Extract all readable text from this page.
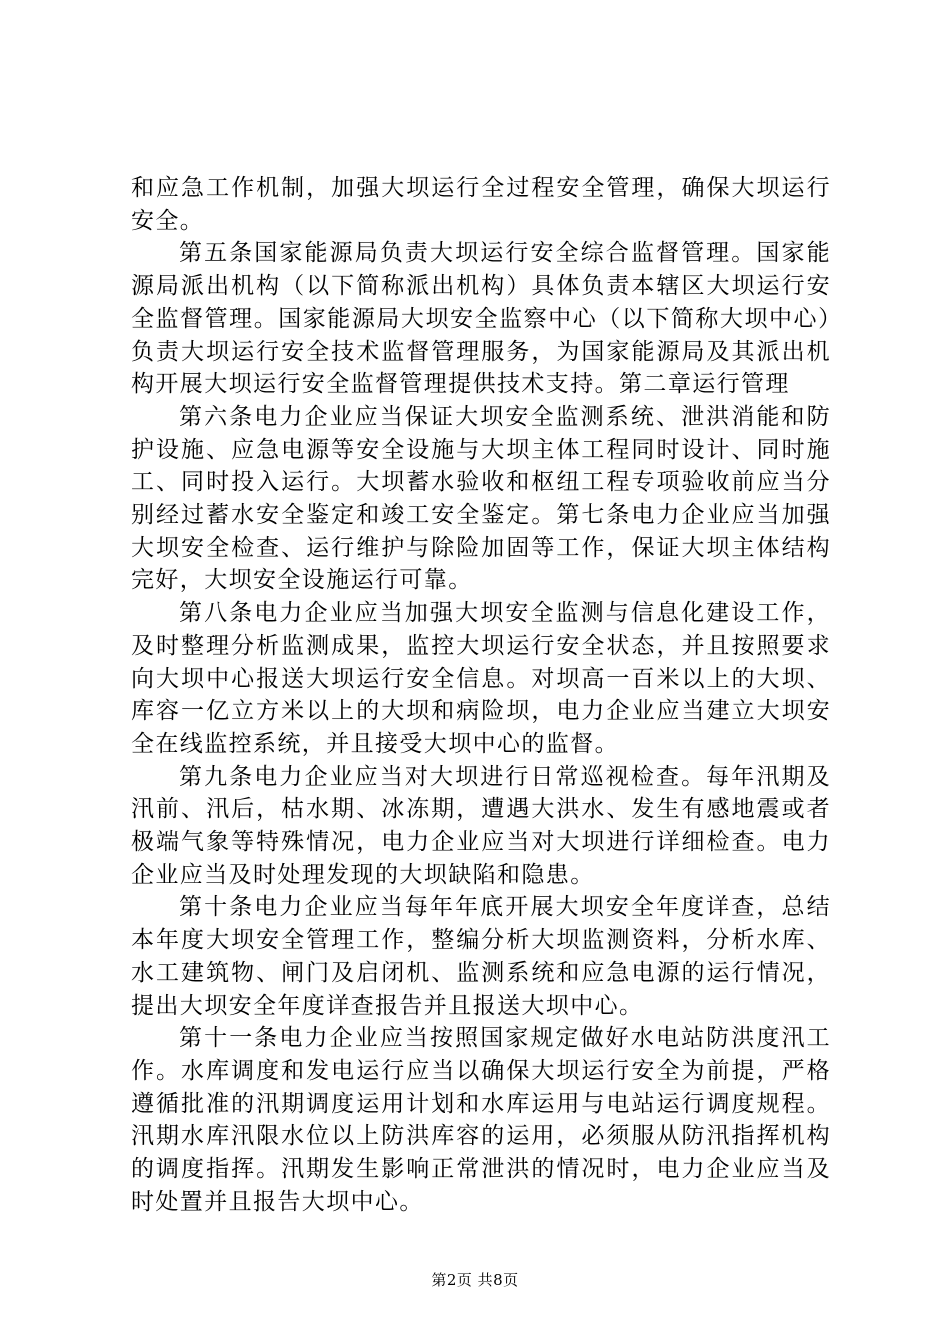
和应急工作机制，加强大坝运行全过程安全管理，确保大坝运行安全。

第五条国家能源局负责大坝运行安全综合监督管理。国家能源局派出机构（以下简称派出机构）具体负责本辖区大坝运行安全监督管理。国家能源局大坝安全监察中心（以下简称大坝中心）负责大坝运行安全技术监督管理服务，为国家能源局及其派出机构开展大坝运行安全监督管理提供技术支持。第二章运行管理

第六条电力企业应当保证大坝安全监测系统、泄洪消能和防护设施、应急电源等安全设施与大坝主体工程同时设计、同时施工、同时投入运行。大坝蓄水验收和枢纽工程专项验收前应当分别经过蓄水安全鉴定和竣工安全鉴定。第七条电力企业应当加强大坝安全检查、运行维护与除险加固等工作，保证大坝主体结构完好，大坝安全设施运行可靠。

第八条电力企业应当加强大坝安全监测与信息化建设工作，及时整理分析监测成果，监控大坝运行安全状态，并且按照要求向大坝中心报送大坝运行安全信息。对坝高一百米以上的大坝、库容一亿立方米以上的大坝和病险坝，电力企业应当建立大坝安全在线监控系统，并且接受大坝中心的监督。

第九条电力企业应当对大坝进行日常巡视检查。每年汛期及汛前、汛后，枯水期、冰冻期，遭遇大洪水、发生有感地震或者极端气象等特殊情况，电力企业应当对大坝进行详细检查。电力企业应当及时处理发现的大坝缺陷和隐患。

第十条电力企业应当每年年底开展大坝安全年度详查，总结本年度大坝安全管理工作，整编分析大坝监测资料，分析水库、水工建筑物、闸门及启闭机、监测系统和应急电源的运行情况，提出大坝安全年度详查报告并且报送大坝中心。

第十一条电力企业应当按照国家规定做好水电站防洪度汛工作。水库调度和发电运行应当以确保大坝运行安全为前提，严格遵循批准的汛期调度运用计划和水库运用与电站运行调度规程。汛期水库汛限水位以上防洪库容的运用，必须服从防汛指挥机构的调度指挥。汛期发生影响正常泄洪的情况时，电力企业应当及时处置并且报告大坝中心。

第2页 共8页
